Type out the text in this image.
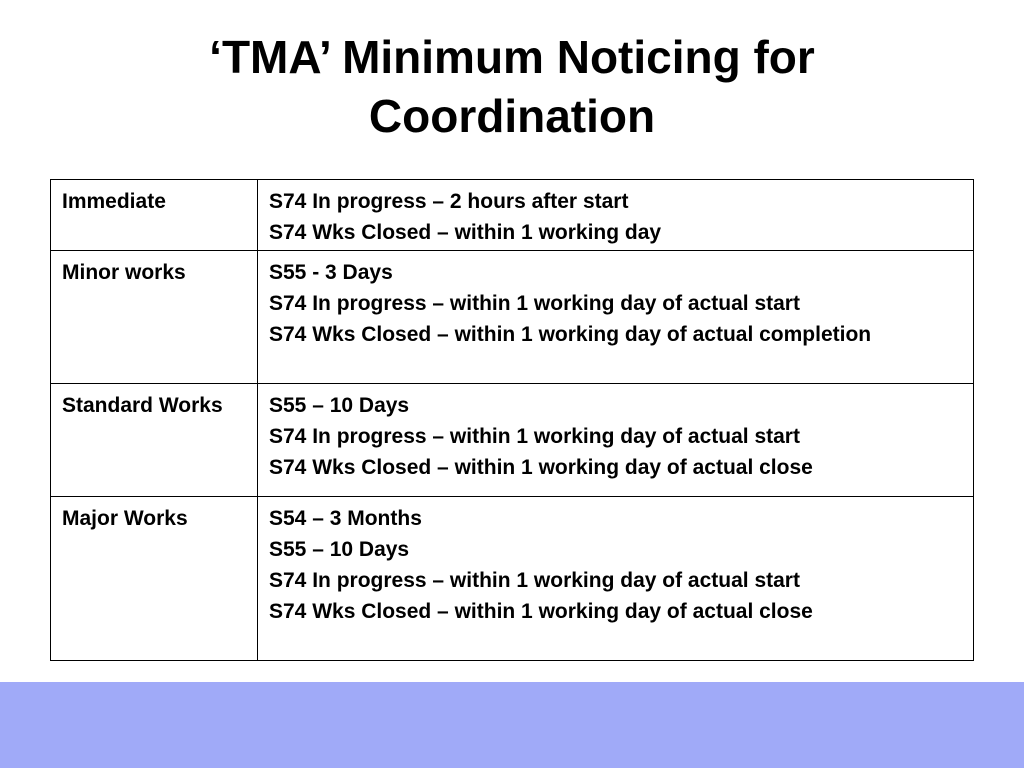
‘TMA’ Minimum Noticing for
Coordination
Immediate	S74 In progress – 2 hours after start
S74 Wks Closed – within 1 working day

Minor works	S55 - 3 Days
S74 In progress – within 1 working day of actual start
S74 Wks Closed – within 1 working day of actual completion

Standard Works	S55 – 10 Days
S74 In progress – within 1 working day of actual start
S74 Wks Closed – within 1 working day of actual close

Major Works	S54 – 3 Months
S55 – 10 Days
S74 In progress – within 1 working day of actual start
S74 Wks Closed – within 1 working day of actual close
